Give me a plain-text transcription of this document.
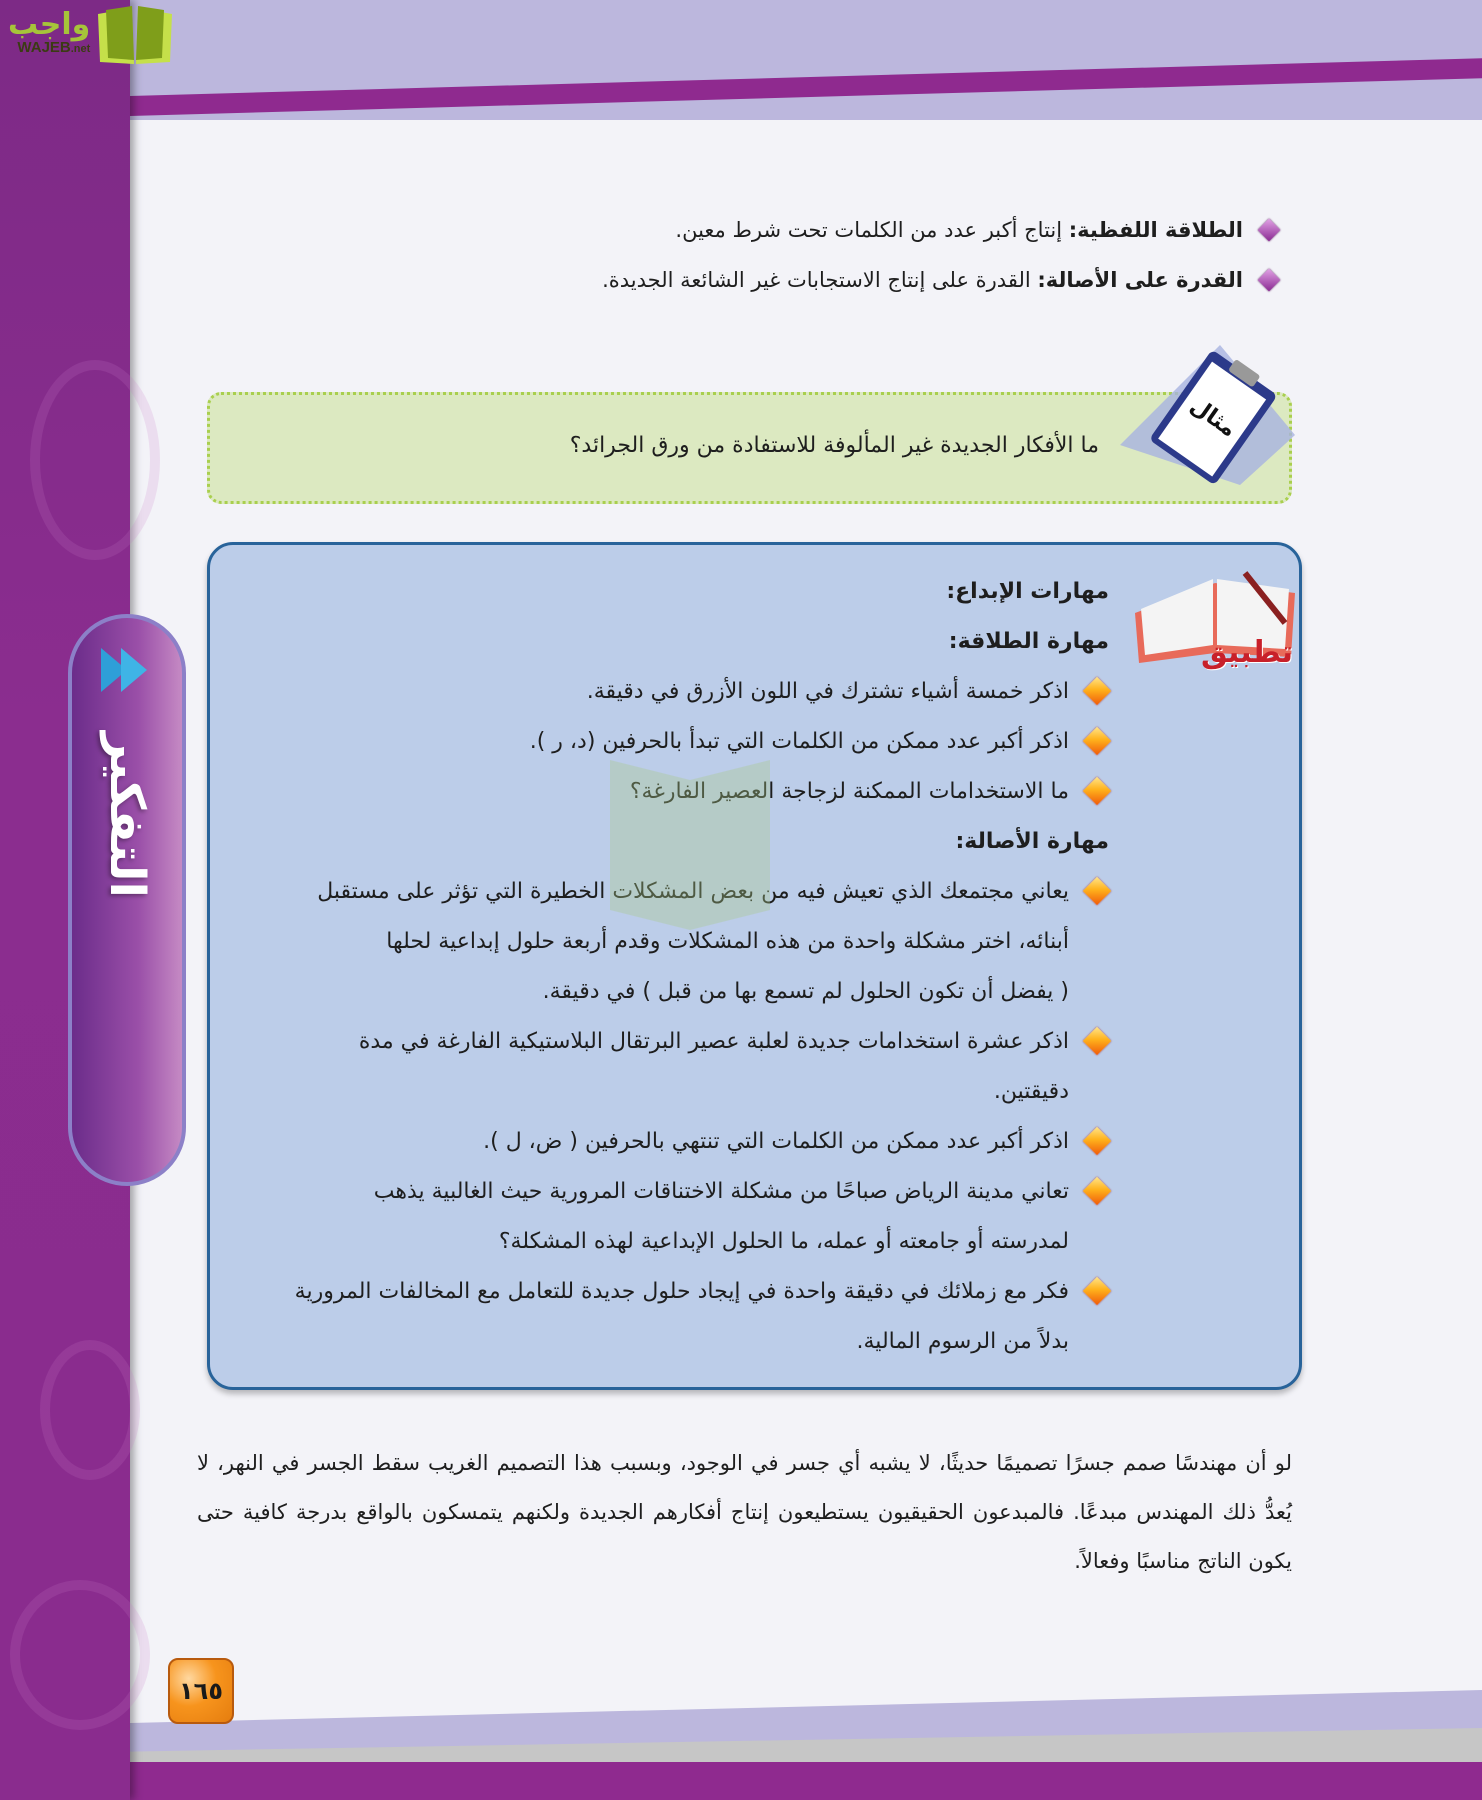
واجب
WAJEB.net
الطلاقة اللفظية: إنتاج أكبر عدد من الكلمات تحت شرط معين.
القدرة على الأصالة: القدرة على إنتاج الاستجابات غير الشائعة الجديدة.
مثال
ما الأفكار الجديدة غير المألوفة للاستفادة من ورق الجرائد؟
تطبيق
مهارات الإبداع:
مهارة الطلاقة:
اذكر خمسة أشياء تشترك في اللون الأزرق في دقيقة.
اذكر أكبر عدد ممكن من الكلمات التي تبدأ بالحرفين (د، ر ).
ما الاستخدامات الممكنة لزجاجة العصير الفارغة؟
مهارة الأصالة:
يعاني مجتمعك الذي تعيش فيه من بعض المشكلات الخطيرة التي تؤثر على مستقبل
أبنائه، اختر مشكلة واحدة من هذه المشكلات وقدم أربعة حلول إبداعية لحلها
( يفضل أن تكون الحلول لم تسمع بها من قبل ) في دقيقة.
اذكر عشرة استخدامات جديدة لعلبة عصير البرتقال البلاستيكية الفارغة في مدة
دقيقتين.
اذكر أكبر عدد ممكن من الكلمات التي تنتهي بالحرفين ( ض، ل ).
تعاني مدينة الرياض صباحًا من مشكلة الاختناقات المرورية حيث الغالبية يذهب
لمدرسته أو جامعته أو عمله، ما الحلول الإبداعية لهذه المشكلة؟
فكر مع زملائك في دقيقة واحدة في إيجاد حلول جديدة للتعامل مع المخالفات المرورية
بدلاً من الرسوم المالية.

لو أن مهندسًا صمم جسرًا تصميمًا حديثًا، لا يشبه أي جسر في الوجود، وبسبب هذا التصميم الغريب سقط الجسر في النهر، لا يُعدُّ ذلك المهندس مبدعًا. فالمبدعون الحقيقيون يستطيعون إنتاج أفكارهم الجديدة ولكنهم يتمسكون بالواقع بدرجة كافية حتى يكون الناتج مناسبًا وفعالاً.

التفكير
١٦٥
